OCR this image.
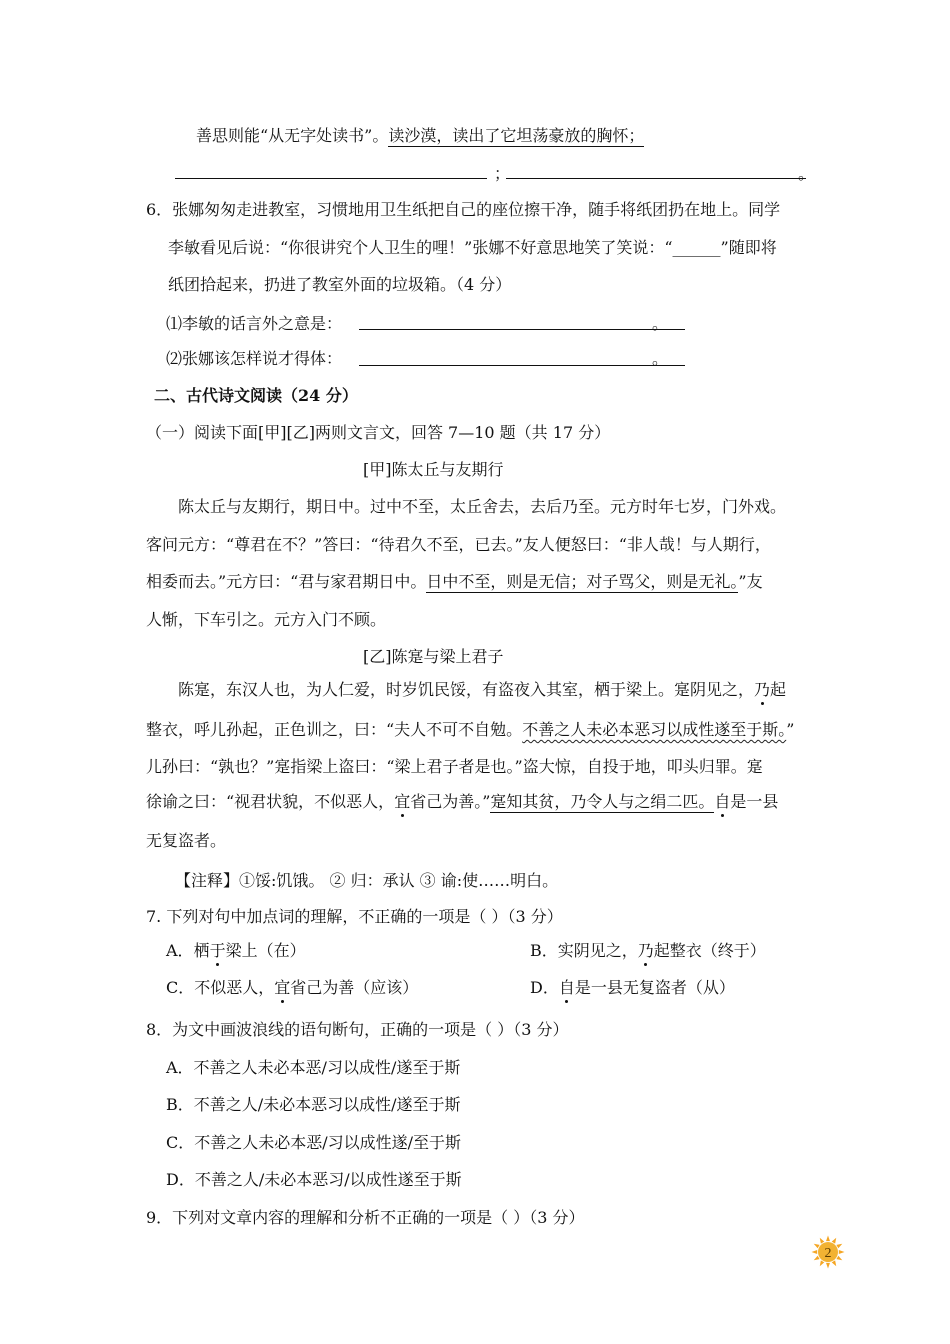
善思则能“从无字处读书”。读沙漠，读出了它坦荡豪放的胸怀；
；	。
6．张娜匆匆走进教室，习惯地用卫生纸把自己的座位擦干净，随手将纸团扔在地上。同学
李敏看见后说：“你很讲究个人卫生的哩！”张娜不好意思地笑了笑说：“______”随即将
纸团拾起来，扔进了教室外面的垃圾箱。（4 分）
⑴李敏的话言外之意是：	。
⑵张娜该怎样说才得体：	。
二、古代诗文阅读（24 分）
（一）阅读下面[甲][乙]两则文言文，回答 7—10 题（共 17 分）
[甲]陈太丘与友期行
陈太丘与友期行，期日中。过中不至，太丘舍去，去后乃至。元方时年七岁，门外戏。
客问元方：“尊君在不？”答曰：“待君久不至，已去。”友人便怒曰：“非人哉！与人期行，
相委而去。”元方曰：“君与家君期日中。日中不至，则是无信；对子骂父，则是无礼。”友
人惭，下车引之。元方入门不顾。
[乙]陈寔与梁上君子
陈寔，东汉人也，为人仁爱，时岁饥民馁，有盗夜入其室，栖于梁上。寔阴见之，乃起
整衣，呼儿孙起，正色训之，曰：“夫人不可不自勉。不善之人未必本恶习以成性遂至于斯。”
儿孙曰：“孰也？”寔指梁上盗曰：“梁上君子者是也。”盗大惊，自投于地，叩头归罪。寔
徐谕之曰：“视君状貌，不似恶人，宜省己为善。”寔知其贫，乃令人与之绢二匹。自是一县
无复盗者。
【注释】①馁:饥饿。 ② 归：承认 ③ 谕:使……明白。
7. 下列对句中加点词的理解，不正确的一项是（ ）（3 分）
A．栖于梁上（在）	B．实阴见之，乃起整衣（终于）
C．不似恶人，宜省己为善（应该）	D．自是一县无复盗者（从）
8．为文中画波浪线的语句断句，正确的一项是（ ）（3 分）
A．不善之人未必本恶/习以成性/遂至于斯
B．不善之人/未必本恶习以成性/遂至于斯
C．不善之人未必本恶/习以成性遂/至于斯
D．不善之人/未必本恶习/以成性遂至于斯
9．下列对文章内容的理解和分析不正确的一项是（ ）（3 分）
2
